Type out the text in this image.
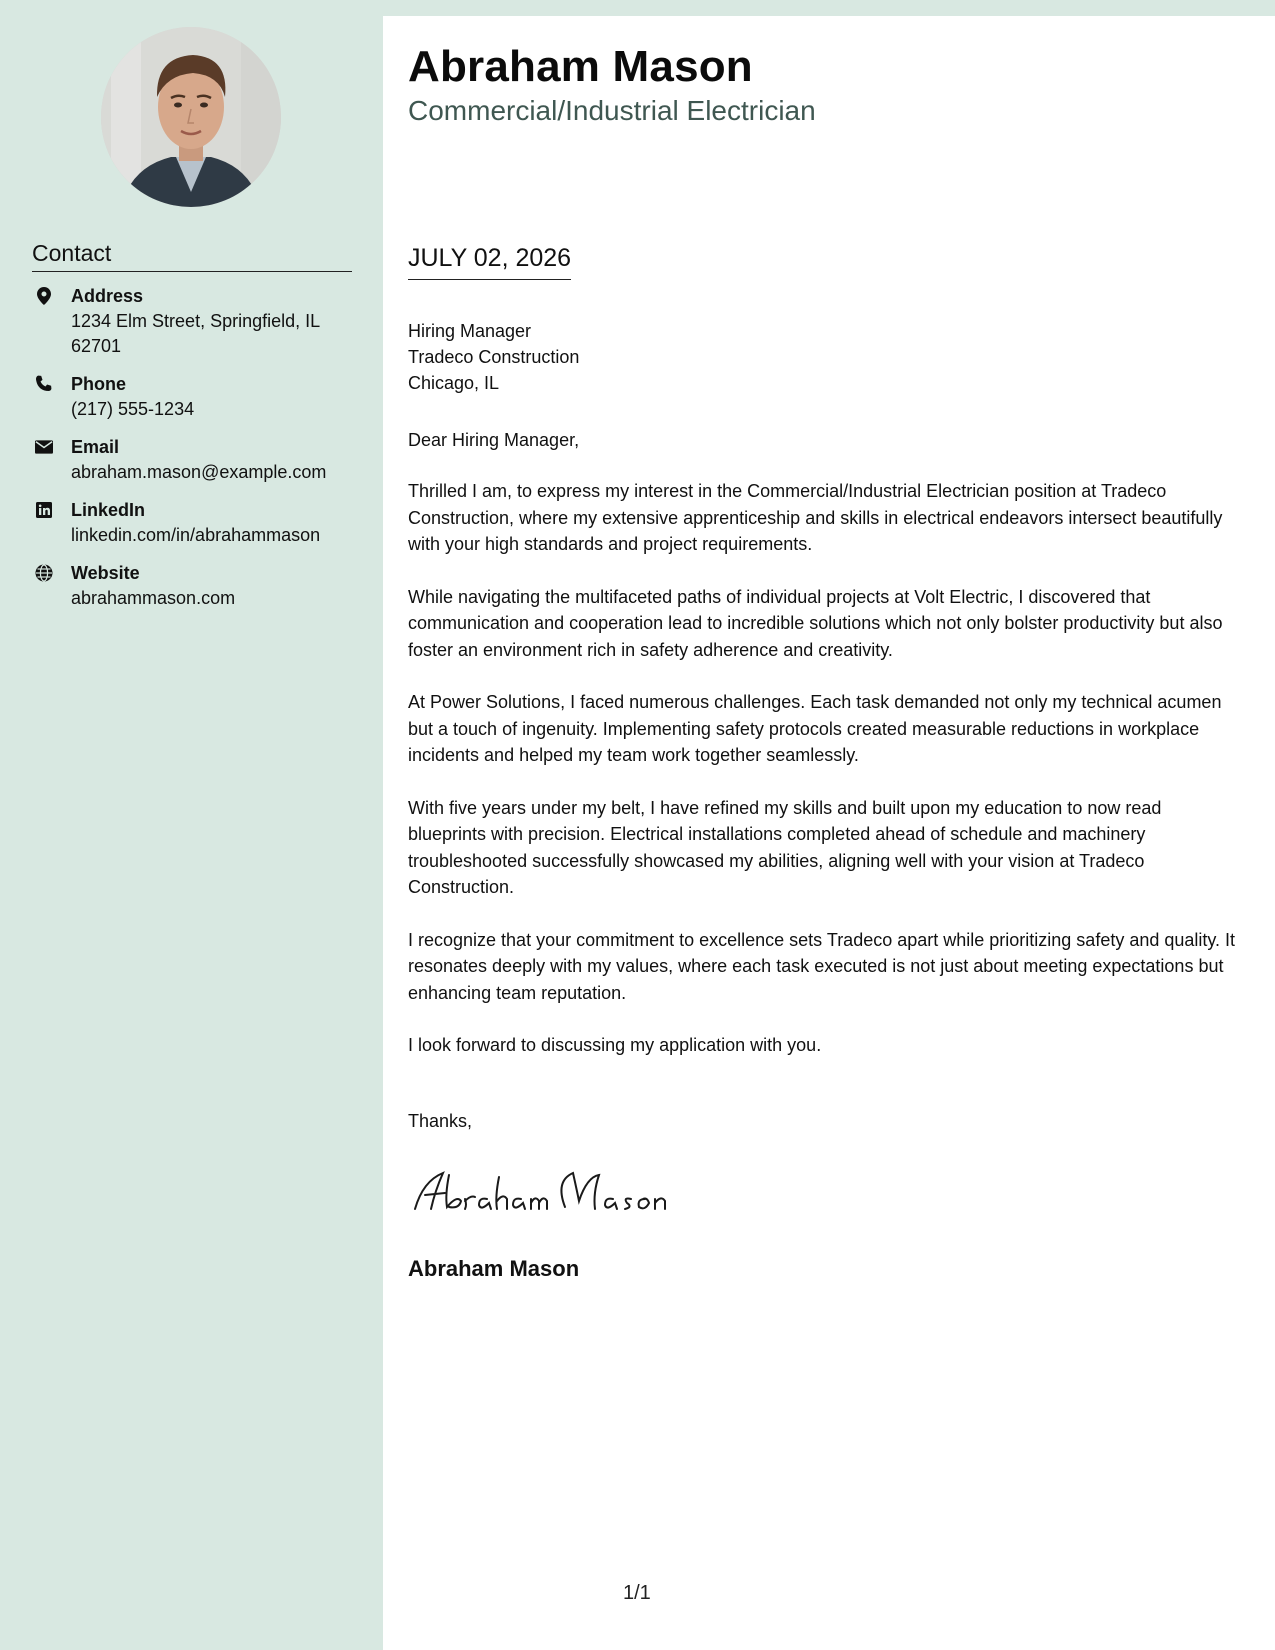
Contact
Address
1234 Elm Street, Springfield, IL 62701
Phone
(217) 555-1234
Email
abraham.mason@example.com
LinkedIn
linkedin.com/in/abrahammason
Website
abrahammason.com
Abraham Mason
Commercial/Industrial Electrician
JULY 02, 2026
Hiring Manager
Tradeco Construction
Chicago, IL
Dear Hiring Manager,

Thrilled I am, to express my interest in the Commercial/Industrial Electrician position at Tradeco Construction, where my extensive apprenticeship and skills in electrical endeavors intersect beautifully with your high standards and project requirements.

While navigating the multifaceted paths of individual projects at Volt Electric, I discovered that communication and cooperation lead to incredible solutions which not only bolster productivity but also foster an environment rich in safety adherence and creativity.

At Power Solutions, I faced numerous challenges. Each task demanded not only my technical acumen but a touch of ingenuity. Implementing safety protocols created measurable reductions in workplace incidents and helped my team work together seamlessly.

With five years under my belt, I have refined my skills and built upon my education to now read blueprints with precision. Electrical installations completed ahead of schedule and machinery troubleshooted successfully showcased my abilities, aligning well with your vision at Tradeco Construction.

I recognize that your commitment to excellence sets Tradeco apart while prioritizing safety and quality. It resonates deeply with my values, where each task executed is not just about meeting expectations but enhancing team reputation.

I look forward to discussing my application with you.

Thanks,
Abraham Mason
1/1
